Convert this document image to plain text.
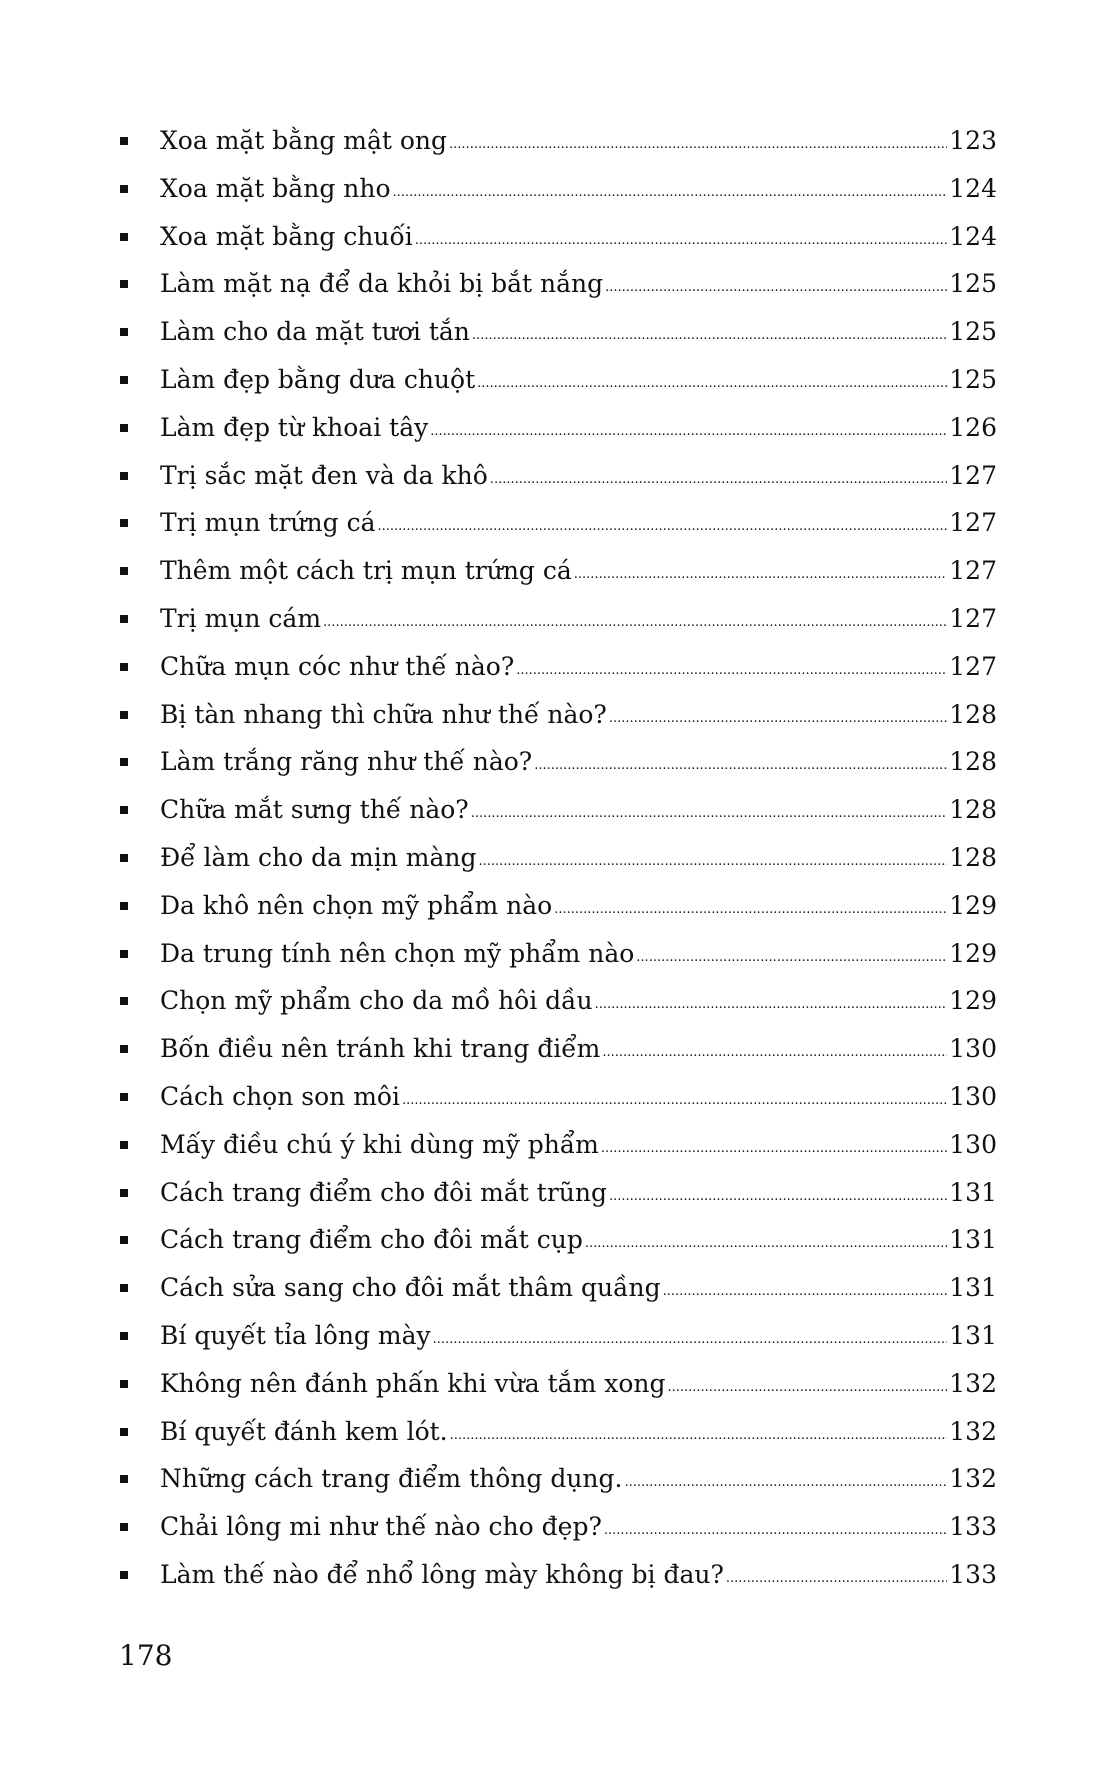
Xoa mặt bằng mật ong .....	123
Xoa mặt bằng nho .....	124
Xoa mặt bằng chuối .....	124
Làm mặt nạ để da khỏi bị bắt nắng .....	125
Làm cho da mặt tươi tắn .....	125
Làm đẹp bằng dưa chuột .....	125
Làm đẹp từ khoai tây .....	126
Trị sắc mặt đen và da khô .....	127
Trị mụn trứng cá .....	127
Thêm một cách trị mụn trứng cá .....	127
Trị mụn cám .....	127
Chữa mụn cóc như thế nào? .....	127
Bị tàn nhang thì chữa như thế nào? .....	128
Làm trắng răng như thế nào? .....	128
Chữa mắt sưng thế nào? .....	128
Để làm cho da mịn màng .....	128
Da khô nên chọn mỹ phẩm nào .....	129
Da trung tính nên chọn mỹ phẩm nào .....	129
Chọn mỹ phẩm cho da mồ hôi dầu .....	129
Bốn điều nên tránh khi trang điểm .....	130
Cách chọn son môi .....	130
Mấy điều chú ý khi dùng mỹ phẩm .....	130
Cách trang điểm cho đôi mắt trũng .....	131
Cách trang điểm cho đôi mắt cụp .....	131
Cách sửa sang cho đôi mắt thâm quầng .....	131
Bí quyết tỉa lông mày .....	131
Không nên đánh phấn khi vừa tắm xong .....	132
Bí quyết đánh kem lót. .....	132
Những cách trang điểm thông dụng. .....	132
Chải lông mi như thế nào cho đẹp? .....	133
Làm thế nào để nhổ lông mày không bị đau? .....	133

178
